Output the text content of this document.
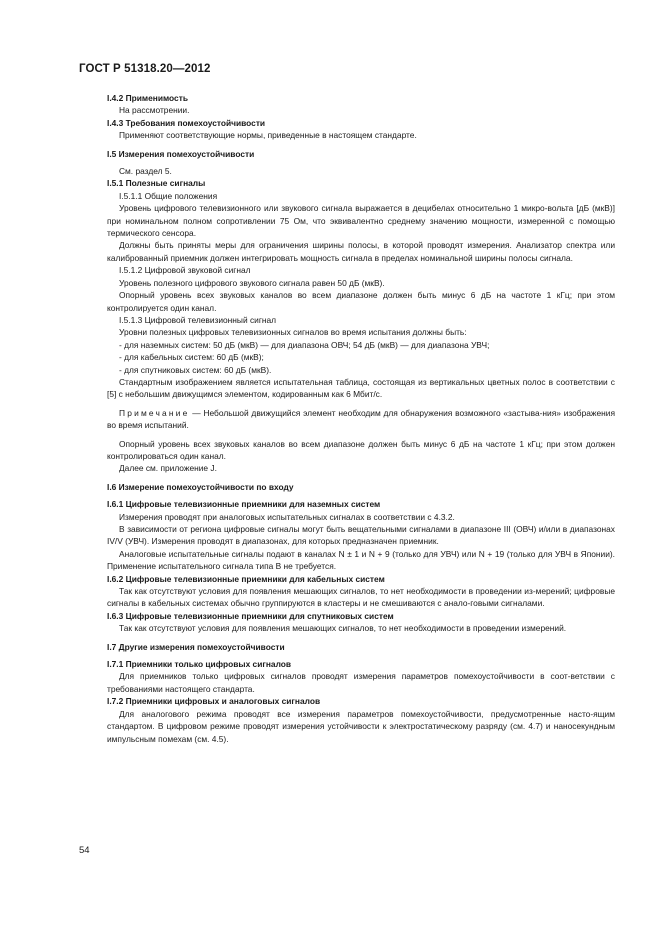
ГОСТ Р 51318.20—2012

I.4.2 Применимость

На рассмотрении.

I.4.3 Требования помехоустойчивости

Применяют соответствующие нормы, приведенные в настоящем стандарте.

I.5 Измерения помехоустойчивости

См. раздел 5.

I.5.1 Полезные сигналы

I.5.1.1 Общие положения

Уровень цифрового телевизионного или звукового сигнала выражается в децибелах относительно 1 микро-вольта [дБ (мкВ)] при номинальном полном сопротивлении 75 Ом, что эквивалентно среднему значению мощности, измеренной с помощью термического сенсора.

Должны быть приняты меры для ограничения ширины полосы, в которой проводят измерения. Анализатор спектра или калиброванный приемник должен интегрировать мощность сигнала в пределах номинальной ширины полосы сигнала.

I.5.1.2 Цифровой звуковой сигнал

Уровень полезного цифрового звукового сигнала равен 50 дБ (мкВ).

Опорный уровень всех звуковых каналов во всем диапазоне должен быть минус 6 дБ на частоте 1 кГц; при этом контролируется один канал.

I.5.1.3 Цифровой телевизионный сигнал

Уровни полезных цифровых телевизионных сигналов во время испытания должны быть:

- для наземных систем: 50 дБ (мкВ) — для диапазона ОВЧ; 54 дБ (мкВ) — для диапазона УВЧ;

- для кабельных систем: 60 дБ (мкВ);

- для спутниковых систем: 60 дБ (мкВ).

Стандартным изображением является испытательная таблица, состоящая из вертикальных цветных полос в соответствии с [5] с небольшим движущимся элементом, кодированным как 6 Мбит/с.

Примечание — Небольшой движущийся элемент необходим для обнаружения возможного «застыва-ния» изображения во время испытаний.

Опорный уровень всех звуковых каналов во всем диапазоне должен быть минус 6 дБ на частоте 1 кГц; при этом должен контролироваться один канал.

Далее см. приложение J.

I.6 Измерение помехоустойчивости по входу

I.6.1 Цифровые телевизионные приемники для наземных систем

Измерения проводят при аналоговых испытательных сигналах в соответствии с 4.3.2.

В зависимости от региона цифровые сигналы могут быть вещательными сигналами в диапазоне III (ОВЧ) и/или в диапазонах IV/V (УВЧ). Измерения проводят в диапазонах, для которых предназначен приемник.

Аналоговые испытательные сигналы подают в каналах N ± 1 и N + 9 (только для УВЧ) или N + 19 (только для УВЧ в Японии). Применение испытательного сигнала типа B не требуется.

I.6.2 Цифровые телевизионные приемники для кабельных систем

Так как отсутствуют условия для появления мешающих сигналов, то нет необходимости в проведении из-мерений; цифровые сигналы в кабельных системах обычно группируются в кластеры и не смешиваются с анало-говыми сигналами.

I.6.3 Цифровые телевизионные приемники для спутниковых систем

Так как отсутствуют условия для появления мешающих сигналов, то нет необходимости в проведении измерений.

I.7 Другие измерения помехоустойчивости

I.7.1 Приемники только цифровых сигналов

Для приемников только цифровых сигналов проводят измерения параметров помехоустойчивости в соот-ветствии с требованиями настоящего стандарта.

I.7.2 Приемники цифровых и аналоговых сигналов

Для аналогового режима проводят все измерения параметров помехоустойчивости, предусмотренные насто-ящим стандартом. В цифровом режиме проводят измерения устойчивости к электростатическому разряду (см. 4.7) и наносекундным импульсным помехам (см. 4.5).

54
